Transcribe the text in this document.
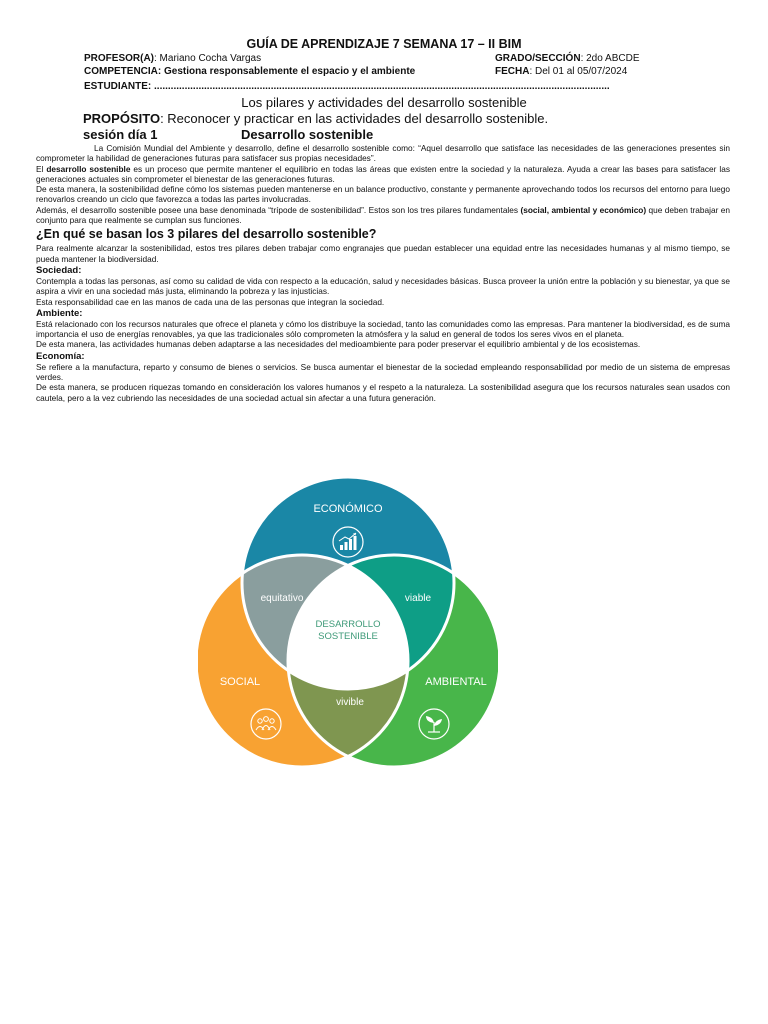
GUÍA DE APRENDIZAJE 7 SEMANA 17 – II BIM
PROFESOR(A): Mariano Cocha Vargas	GRADO/SECCIÓN: 2do ABCDE
COMPETENCIA: Gestiona responsablemente el espacio y el ambiente	FECHA: Del 01 al 05/07/2024
ESTUDIANTE: ....................................................................................................................................................................
Los pilares y actividades del desarrollo sostenible
PROPÓSITO: Reconocer y practicar en las actividades del desarrollo sostenible.
sesión día 1	Desarrollo sostenible

La Comisión Mundial del Ambiente y desarrollo, define el desarrollo sostenible como: “Aquel desarrollo que satisface las necesidades de las generaciones presentes sin comprometer la habilidad de generaciones futuras para satisfacer sus propias necesidades”.

El desarrollo sostenible es un proceso que permite mantener el equilibrio en todas las áreas que existen entre la sociedad y la naturaleza. Ayuda a crear las bases para satisfacer las generaciones actuales sin comprometer el bienestar de las generaciones futuras.

De esta manera, la sostenibilidad define cómo los sistemas pueden mantenerse en un balance productivo, constante y permanente aprovechando todos los recursos del entorno para luego renovarlos creando un ciclo que favorezca a todas las partes involucradas.

Además, el desarrollo sostenible posee una base denominada “trípode de sostenibilidad”. Estos son los tres pilares fundamentales (social, ambiental y económico) que deben trabajar en conjunto para que realmente se cumplan sus funciones.

¿En qué se basan los 3 pilares del desarrollo sostenible?

Para realmente alcanzar la sostenibilidad, estos tres pilares deben trabajar como engranajes que puedan establecer una equidad entre las necesidades humanas y al mismo tiempo, se pueda mantener la biodiversidad.

Sociedad:

Contempla a todas las personas, así como su calidad de vida con respecto a la educación, salud y necesidades básicas. Busca proveer la unión entre la población y su bienestar, ya que se aspira a vivir en una sociedad más justa, eliminando la pobreza y las injusticias.

Esta responsabilidad cae en las manos de cada una de las personas que integran la sociedad.

Ambiente:

Está relacionado con los recursos naturales que ofrece el planeta y cómo los distribuye la sociedad, tanto las comunidades como las empresas. Para mantener la biodiversidad, es de suma importancia el uso de energías renovables, ya que las tradicionales sólo comprometen la atmósfera y la salud en general de todos los seres vivos en el planeta.

De esta manera, las actividades humanas deben adaptarse a las necesidades del medioambiente para poder preservar el equilibrio ambiental y de los ecosistemas.

Economía:

Se refiere a la manufactura, reparto y consumo de bienes o servicios. Se busca aumentar el bienestar de la sociedad empleando responsabilidad por medio de un sistema de empresas verdes.

De esta manera, se producen riquezas tomando en consideración los valores humanos y el respeto a la naturaleza. La sostenibilidad asegura que los recursos naturales sean usados con cautela, pero a la vez cubriendo las necesidades de una sociedad actual sin afectar a una futura generación.

ECONÓMICO
SOCIAL	AMBIENTAL
equitativo	viable
vivible
DESARROLLO
SOSTENIBLE
